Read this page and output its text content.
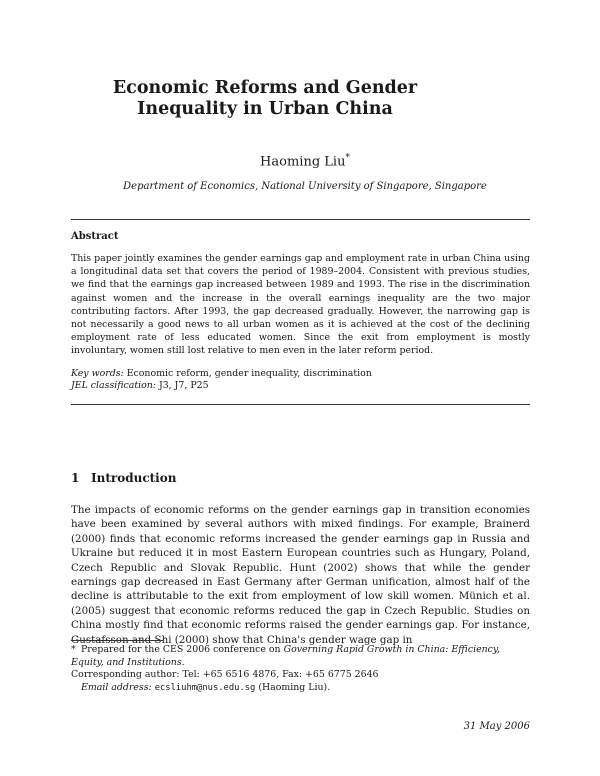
Economic Reforms and Gender Inequality in Urban China
Haoming Liu*
Department of Economics, National University of Singapore, Singapore
Abstract
This paper jointly examines the gender earnings gap and employment rate in urban China using a longitudinal data set that covers the period of 1989–2004. Consistent with previous studies, we find that the earnings gap increased between 1989 and 1993. The rise in the discrimination against women and the increase in the overall earnings inequality are the two major contributing factors. After 1993, the gap decreased gradually. However, the narrowing gap is not necessarily a good news to all urban women as it is achieved at the cost of the declining employment rate of less educated women. Since the exit from employment is mostly involuntary, women still lost relative to men even in the later reform period.
Key words: Economic reform, gender inequality, discrimination
JEL classification: J3, J7, P25
1 Introduction
The impacts of economic reforms on the gender earnings gap in transition economies have been examined by several authors with mixed findings. For example, Brainerd (2000) finds that economic reforms increased the gender earnings gap in Russia and Ukraine but reduced it in most Eastern European countries such as Hungary, Poland, Czech Republic and Slovak Republic. Hunt (2002) shows that while the gender earnings gap decreased in East Germany after German unification, almost half of the decline is attributable to the exit from employment of low skill women. Münich et al. (2005) suggest that economic reforms reduced the gap in Czech Republic. Studies on China mostly find that economic reforms raised the gender earnings gap. For instance, Gustafsson and Shi (2000) show that China's gender wage gap in
* Prepared for the CES 2006 conference on Governing Rapid Growth in China: Efficiency, Equity, and Institutions.
Corresponding author: Tel: +65 6516 4876, Fax: +65 6775 2646
Email address: ecsliuhm@nus.edu.sg (Haoming Liu).
31 May 2006
